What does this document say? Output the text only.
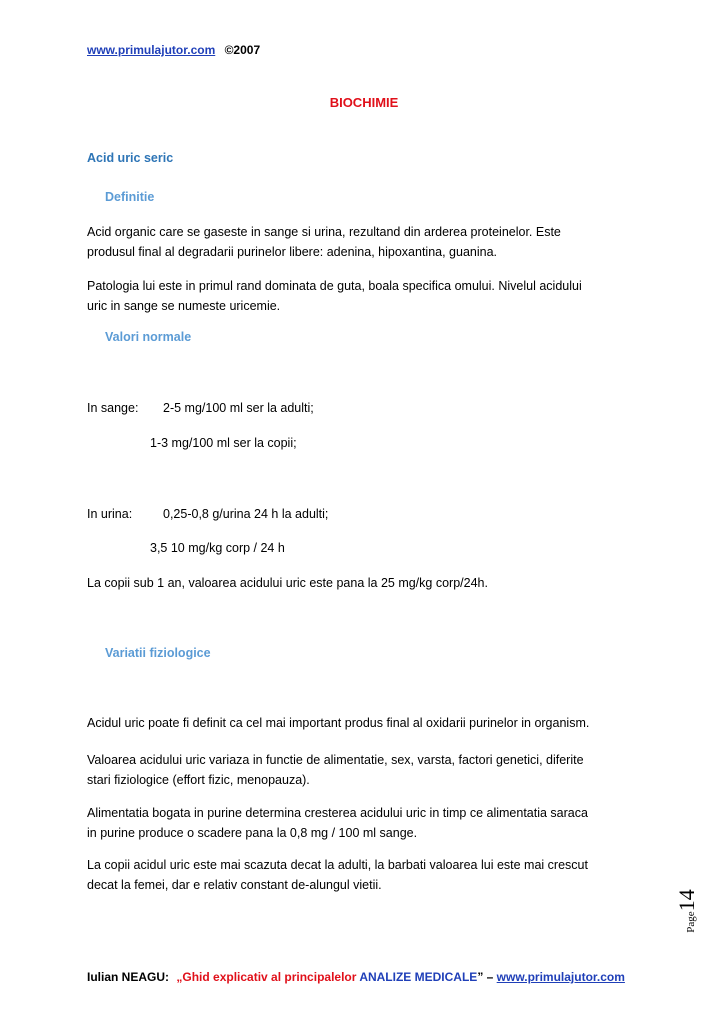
www.primulajutor.com ©2007
BIOCHIMIE
Acid uric seric
Definitie
Acid organic care se gaseste in sange si urina, rezultand din arderea proteinelor. Este
produsul final al degradarii purinelor libere: adenina, hipoxantina, guanina.
Patologia lui este in primul rand dominata de guta, boala specifica omului. Nivelul acidului
uric in sange se numeste uricemie.
Valori normale
In sange: 2-5 mg/100 ml ser la adulti;
1-3 mg/100 ml ser la copii;
In urina: 0,25-0,8 g/urina 24 h la adulti;
3,5 10 mg/kg corp / 24 h
La copii sub 1 an, valoarea acidului uric este pana la 25 mg/kg corp/24h.
Variatii fiziologice
Acidul uric poate fi definit ca cel mai important produs final al oxidarii purinelor in organism.
Valoarea acidului uric variaza in functie de alimentatie, sex, varsta, factori genetici, diferite
stari fiziologice (effort fizic, menopauza).
Alimentatia bogata in purine determina cresterea acidului uric in timp ce alimentatia saraca
in purine produce o scadere pana la 0,8 mg / 100 ml sange.
La copii acidul uric este mai scazuta decat la adulti, la barbati valoarea lui este mai crescut
decat la femei, dar e relativ constant de-alungul vietii.
Page14
Iulian NEAGU: „Ghid explicativ al principalelor ANALIZE MEDICALE” – www.primulajutor.com
